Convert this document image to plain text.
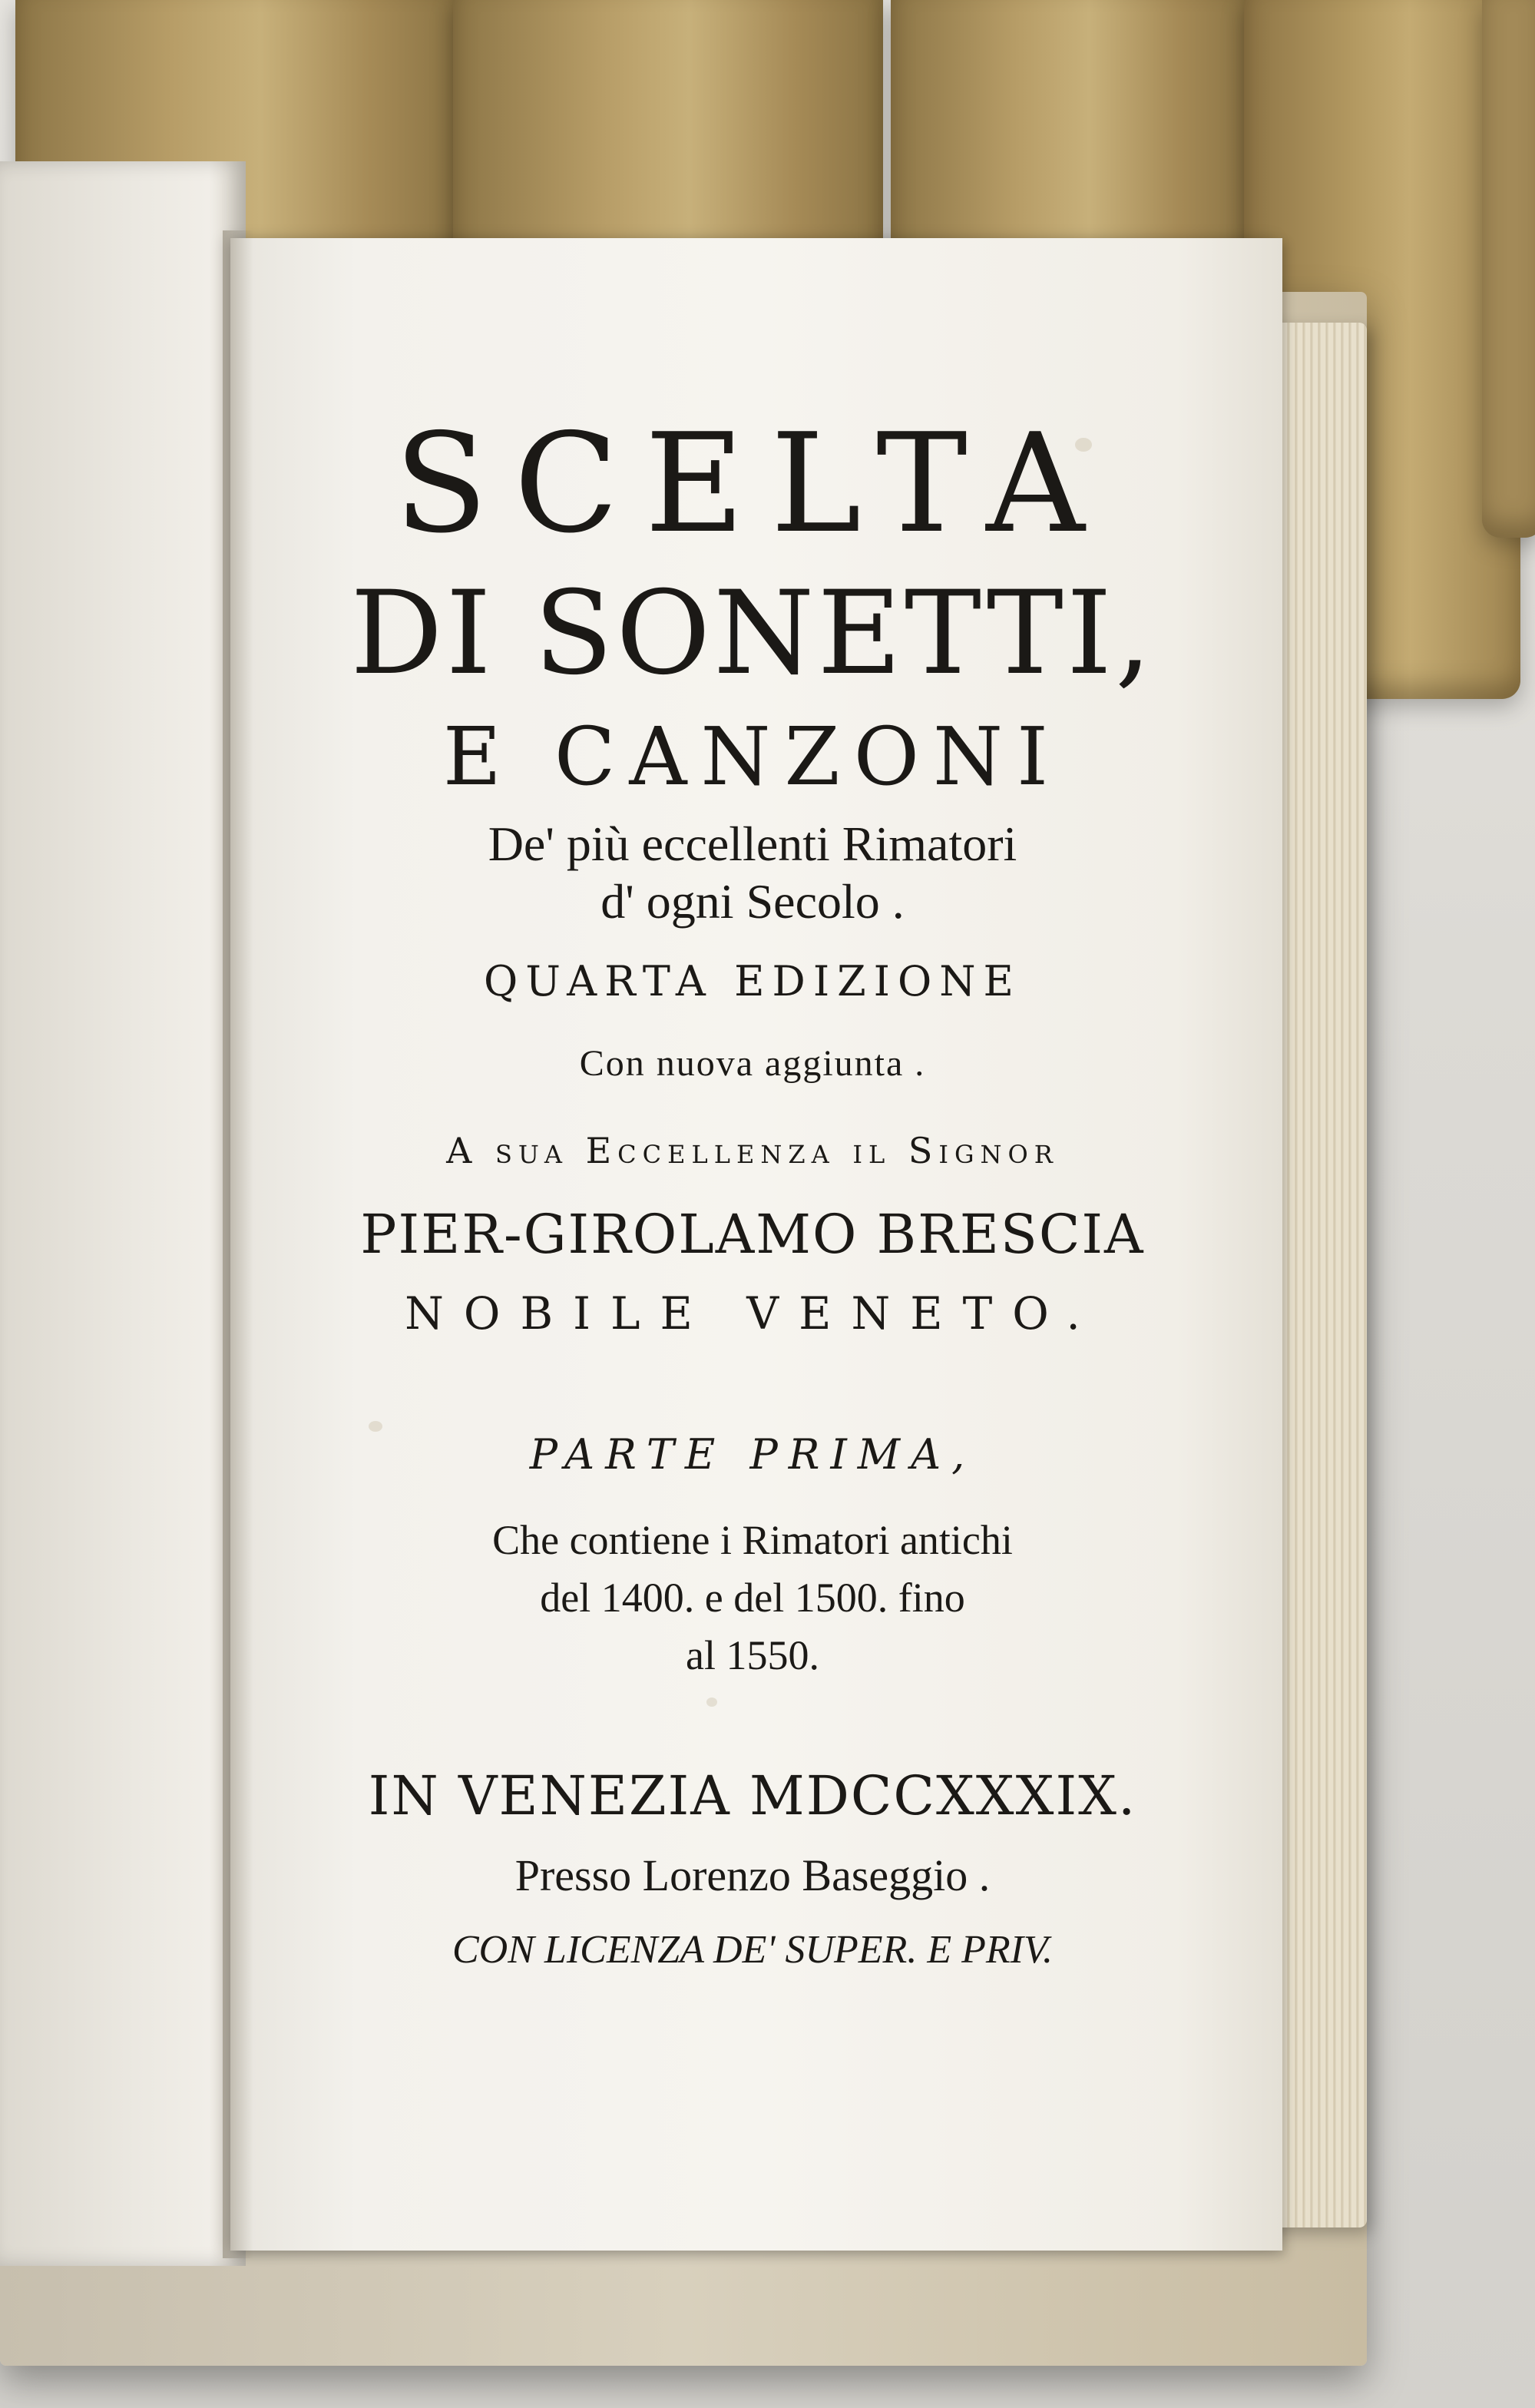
SCELTA
DI SONETTI,
E CANZONI
De' più eccellenti Rimatori
d' ogni Secolo .
QUARTA EDIZIONE
Con nuova aggiunta .
A sua Eccellenza il Signor
PIER-GIROLAMO BRESCIA
NOBILE VENETO.
PARTE PRIMA,
Che contiene i Rimatori antichi
del 1400. e del 1500. fino
al 1550.
IN VENEZIA MDCCXXXIX.
Presso Lorenzo Baseggio .
CON LICENZA DE' SUPER. E PRIV.
